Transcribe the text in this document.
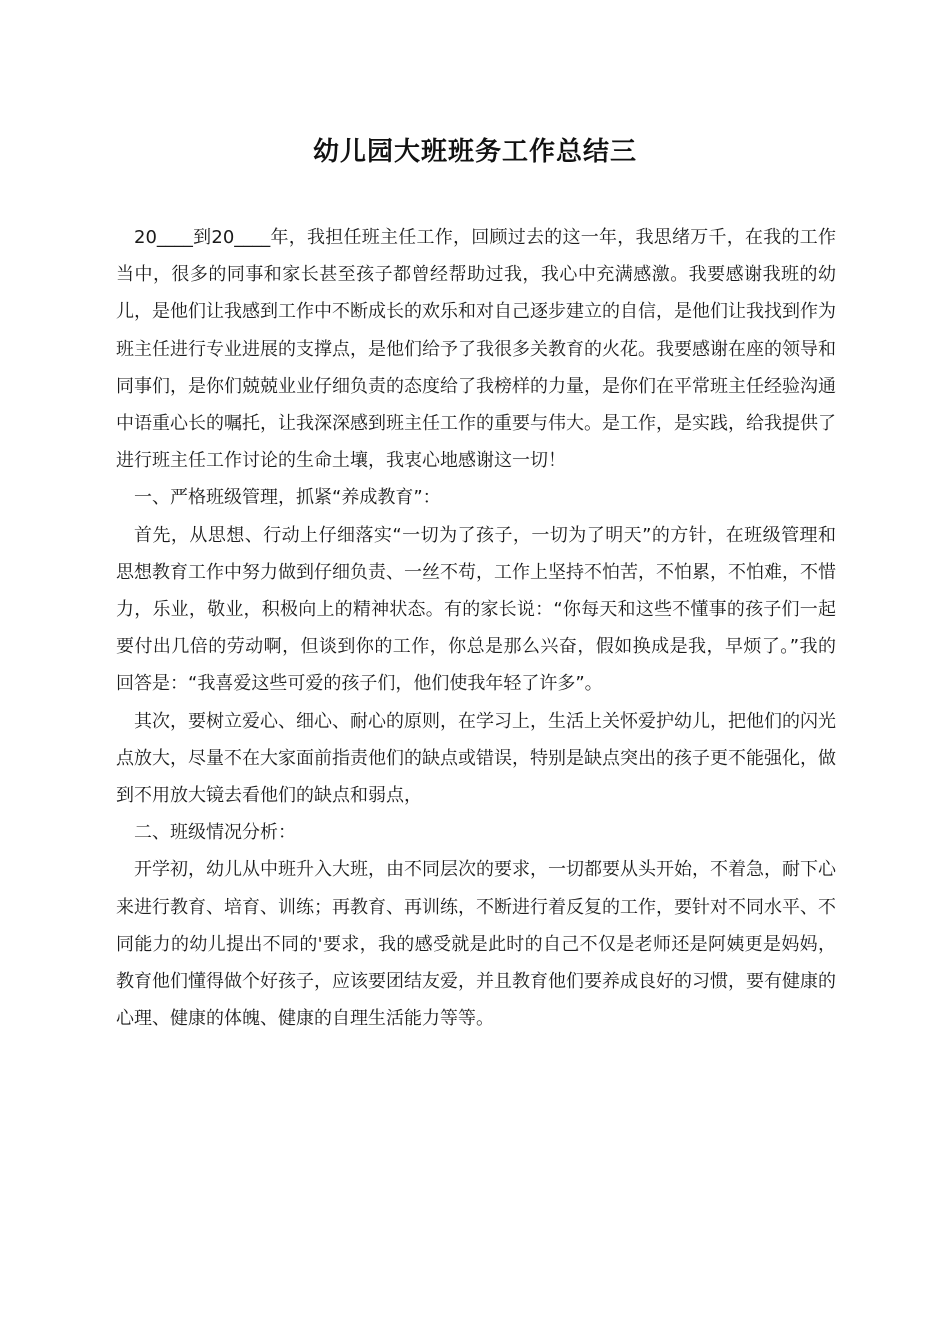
幼儿园大班班务工作总结三

20____到20____年，我担任班主任工作，回顾过去的这一年，我思绪万千，在我的工作当中，很多的同事和家长甚至孩子都曾经帮助过我，我心中充满感激。我要感谢我班的幼儿，是他们让我感到工作中不断成长的欢乐和对自己逐步建立的自信，是他们让我找到作为班主任进行专业进展的支撑点，是他们给予了我很多关教育的火花。我要感谢在座的领导和同事们，是你们兢兢业业仔细负责的态度给了我榜样的力量，是你们在平常班主任经验沟通中语重心长的嘱托，让我深深感到班主任工作的重要与伟大。是工作，是实践，给我提供了进行班主任工作讨论的生命土壤，我衷心地感谢这一切！

一、严格班级管理，抓紧“养成教育”：

首先，从思想、行动上仔细落实“一切为了孩子，一切为了明天”的方针，在班级管理和思想教育工作中努力做到仔细负责、一丝不苟，工作上坚持不怕苦，不怕累，不怕难，不惜力，乐业，敬业，积极向上的精神状态。有的家长说：“你每天和这些不懂事的孩子们一起要付出几倍的劳动啊，但谈到你的工作，你总是那么兴奋，假如换成是我，早烦了。”我的回答是：“我喜爱这些可爱的孩子们，他们使我年轻了许多”。

其次，要树立爱心、细心、耐心的原则，在学习上，生活上关怀爱护幼儿，把他们的闪光点放大，尽量不在大家面前指责他们的缺点或错误，特别是缺点突出的孩子更不能强化，做到不用放大镜去看他们的缺点和弱点，

二、班级情况分析：

开学初，幼儿从中班升入大班，由不同层次的要求，一切都要从头开始，不着急，耐下心来进行教育、培育、训练；再教育、再训练，不断进行着反复的工作，要针对不同水平、不同能力的幼儿提出不同的'要求，我的感受就是此时的自己不仅是老师还是阿姨更是妈妈，教育他们懂得做个好孩子，应该要团结友爱，并且教育他们要养成良好的习惯，要有健康的心理、健康的体魄、健康的自理生活能力等等。
